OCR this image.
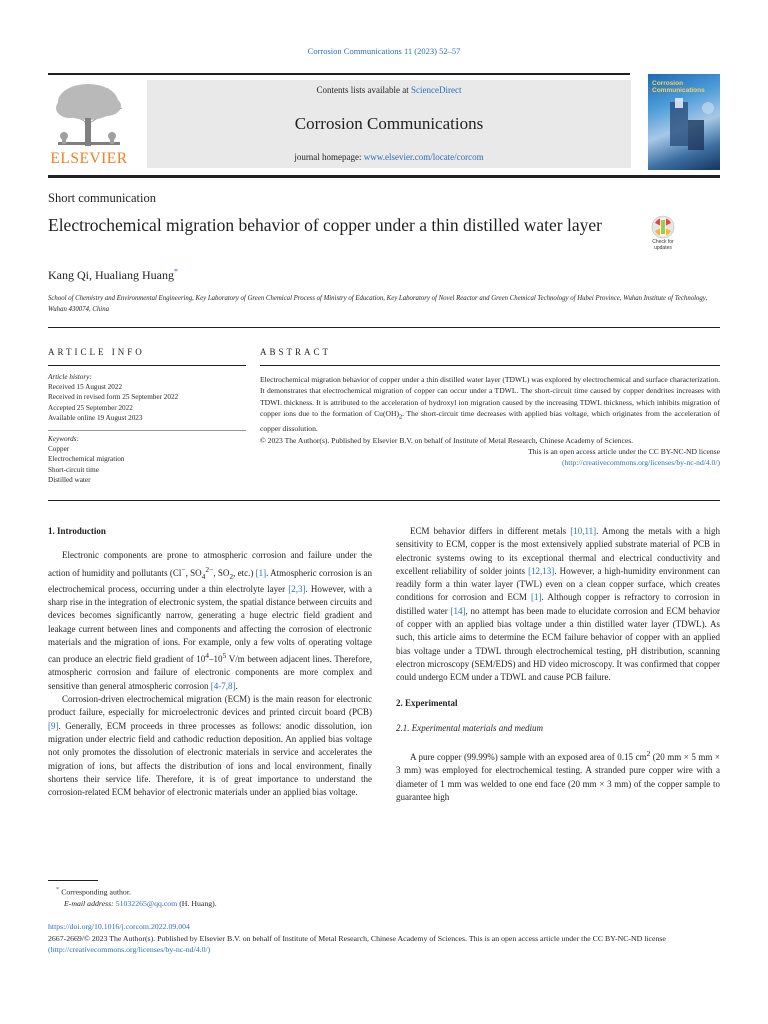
Corrosion Communications 11 (2023) 52–57
ELSEVIER
Contents lists available at ScienceDirect
Corrosion Communications
journal homepage: www.elsevier.com/locate/corcom
Corrosion Communications
Short communication
Electrochemical migration behavior of copper under a thin distilled water layer
Check for updates
Kang Qi, Hualiang Huang*
School of Chemistry and Environmental Engineering, Key Laboratory of Green Chemical Process of Ministry of Education, Key Laboratory of Novel Reactor and Green Chemical Technology of Hubei Province, Wuhan Institute of Technology, Wuhan 430074, China
ARTICLE INFO
Article history:
Received 15 August 2022
Received in revised form 25 September 2022
Accepted 25 September 2022
Available online 19 August 2023
Keywords:
Copper
Electrochemical migration
Short-circuit time
Distilled water
ABSTRACT
Electrochemical migration behavior of copper under a thin distilled water layer (TDWL) was explored by electrochemical and surface characterization. It demonstrates that electrochemical migration of copper can occur under a TDWL. The short-circuit time caused by copper dendrites increases with TDWL thickness. It is attributed to the acceleration of hydroxyl ion migration caused by the increasing TDWL thickness, which inhibits migration of copper ions due to the formation of $Cu(OH)_2$. The short-circuit time decreases with applied bias voltage, which originates from the acceleration of copper dissolution.
© 2023 The Author(s). Published by Elsevier B.V. on behalf of Institute of Metal Research, Chinese Academy of Sciences.
This is an open access article under the CC BY-NC-ND license
(http://creativecommons.org/licenses/by-nc-nd/4.0/)
1. Introduction

Electronic components are prone to atmospheric corrosion and failure under the action of humidity and pollutants (Cl−, $SO_4^{2-}$, $SO_2$, etc.) [1]. Atmospheric corrosion is an electrochemical process, occurring under a thin electrolyte layer [2,3]. However, with a sharp rise in the integration of electronic system, the spatial distance between circuits and devices becomes significantly narrow, generating a huge electric field gradient and leakage current between lines and components and affecting the corrosion of electronic materials and the migration of ions. For example, only a few volts of operating voltage can produce an electric field gradient of $10^4-10^5$ V/m between adjacent lines. Therefore, atmospheric corrosion and failure of electronic components are more complex and sensitive than general atmospheric corrosion [4-7,8].

Corrosion-driven electrochemical migration (ECM) is the main reason for electronic product failure, especially for microelectronic devices and printed circuit board (PCB) [9]. Generally, ECM proceeds in three processes as follows: anodic dissolution, ion migration under electric field and cathodic reduction deposition. An applied bias voltage not only promotes the dissolution of electronic materials in service and accelerates the migration of ions, but affects the distribution of ions and local environment, finally shortens their service life. Therefore, it is of great importance to understand the corrosion-related ECM behavior of electronic materials under an applied bias voltage.

ECM behavior differs in different metals [10,11]. Among the metals with a high sensitivity to ECM, copper is the most extensively applied substrate material of PCB in electronic systems owing to its exceptional thermal and electrical conductivity and excellent reliability of solder joints [12,13]. However, a high-humidity environment can readily form a thin water layer (TWL) even on a clean copper surface, which creates conditions for corrosion and ECM [1]. Although copper is refractory to corrosion in distilled water [14], no attempt has been made to elucidate corrosion and ECM behavior of copper with an applied bias voltage under a thin distilled water layer (TDWL). As such, this article aims to determine the ECM failure behavior of copper with an applied bias voltage under a TDWL through electrochemical testing, pH distribution, scanning electron microscopy (SEM/EDS) and HD video microscopy. It was confirmed that copper could undergo ECM under a TDWL and cause PCB failure.

2. Experimental
2.1. Experimental materials and medium

A pure copper (99.99%) sample with an exposed area of 0.15 $cm^2$ (20 mm × 5 mm × 3 mm) was employed for electrochemical testing. A stranded pure copper wire with a diameter of 1 mm was welded to one end face (20 mm × 3 mm) of the copper sample to guarantee high

* Corresponding author.
E-mail address: 51032265@qq.com (H. Huang).
https://doi.org/10.1016/j.corcom.2022.09.004
2667-2669/© 2023 The Author(s). Published by Elsevier B.V. on behalf of Institute of Metal Research, Chinese Academy of Sciences. This is an open access article under the CC BY-NC-ND license (http://creativecommons.org/licenses/by-nc-nd/4.0/)
